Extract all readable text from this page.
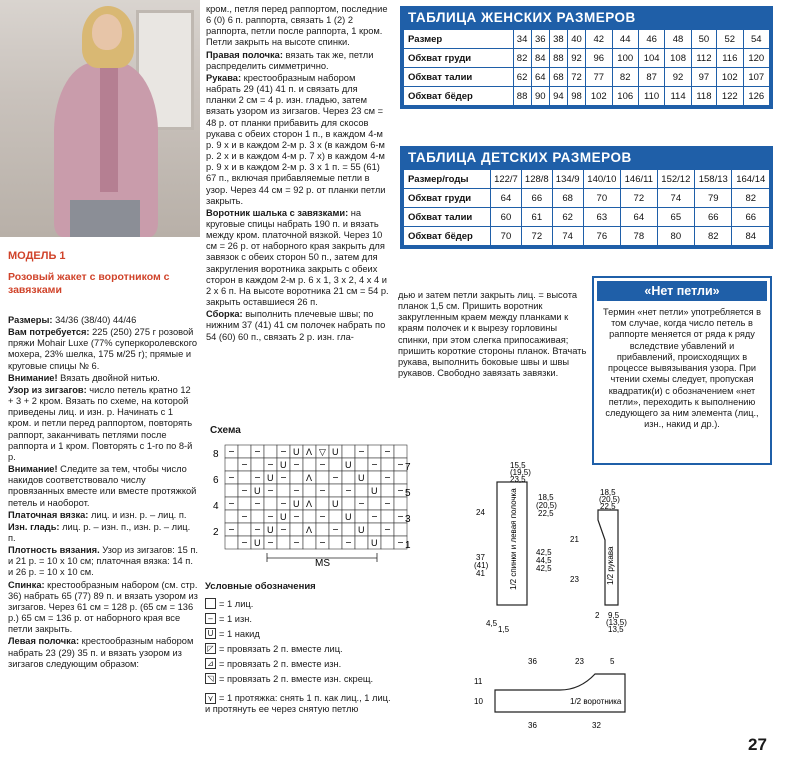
МОДЕЛЬ 1
Розовый жакет с воротником с завязками

Размеры: 34/36 (38/40) 44/46

Вам потребуется: 225 (250) 275 г розовой пряжи Mohair Luxe (77% суперкоролевского мохера, 23% шелка, 175 м/25 г); прямые и круговые спицы № 6.

Внимание! Вязать двойной нитью.

Узор из зигзагов: число петель кратно 12 + 3 + 2 кром. Вязать по схеме, на которой приведены лиц. и изн. р. Начинать с 1 кром. и петли перед раппортом, повторять раппорт, заканчивать петлями после раппорта и 1 кром. Повторять с 1-го по 8-й р.

Внимание! Следите за тем, чтобы число накидов соответствовало числу провязанных вместе или вместе протяжкой петель и наоборот.

Платочная вязка: лиц. и изн. р. – лиц. п.

Изн. гладь: лиц. р. – изн. п., изн. р. – лиц. п.

Плотность вязания. Узор из зигзагов: 15 п. и 21 р. = 10 х 10 см; платочная вязка: 14 п. и 26 р. = 10 х 10 см.

Спинка: крестообразным набором (см. стр. 36) набрать 65 (77) 89 п. и вязать узором из зигзагов. Через 61 см = 128 р. (65 см = 136 р.) 65 см = 136 р. от наборного края все петли закрыть.

Левая полочка: крестообразным набором набрать 23 (29) 35 п. и вязать узором из зигзагов следующим образом:

кром., петля перед раппортом, последние 6 (0) 6 п. раппорта, связать 1 (2) 2 раппорта, петли после раппорта, 1 кром. Петли закрыть на высоте спинки.

Правая полочка: вязать так же, петли распределить симметрично.

Рукава: крестообразным набором набрать 29 (41) 41 п. и связать для планки 2 см = 4 р. изн. гладью, затем вязать узором из зигзагов. Через 23 см = 48 р. от планки прибавить для скосов рукава с обеих сторон 1 п., в каждом 4-м р. 9 х и в каждом 2-м р. 3 х (в каждом 6-м р. 2 х и в каждом 4-м р. 7 х) в каждом 4-м р. 9 х и в каждом 2-м р. 3 х 1 п. = 55 (61) 67 п., включая прибавляемые петли в узор. Через 44 см = 92 р. от планки петли закрыть.

Воротник шалька с завязками: на круговые спицы набрать 190 п. и вязать между кром. платочной вязкой. Через 10 см = 26 р. от наборного края закрыть для завязок с обеих сторон 50 п., затем для закругления воротника закрыть с обеих сторон в каждом 2-м р. 6 х 1, 3 х 2, 4 х 4 и 2 х 6 п. На высоте воротника 21 см = 54 р. закрыть оставшиеся 26 п.

Сборка: выполнить плечевые швы; по нижним 37 (41) 41 см полочек набрать по 54 (60) 60 п., связать 2 р. изн. гла-

дью и затем петли закрыть лиц. = высота планок 1,5 см. Пришить воротник закругленным краем между планками к краям полочек и к вырезу горловины спинки, при этом слегка припосаживая; пришить короткие стороны планок. Втачать рукава, выполнить боковые швы и швы рукавов. Свободно завязать завязки.

ТАБЛИЦА ЖЕНСКИХ РАЗМЕРОВ
Размер	34	36	38	40	42	44	46	48	50	52	54
Обхват груди	82	84	88	92	96	100	104	108	112	116	120
Обхват талии	62	64	68	72	77	82	87	92	97	102	107
Обхват бёдер	88	90	94	98	102	106	110	114	118	122	126
ТАБЛИЦА ДЕТСКИХ РАЗМЕРОВ
Размер/годы	122/7	128/8	134/9	140/10	146/11	152/12	158/13	164/14
Обхват груди	64	66	68	70	72	74	79	82
Обхват талии	60	61	62	63	64	65	66	66
Обхват бёдер	70	72	74	76	78	80	82	84
«Нет петли»
Термин «нет петли» употребляется в том случае, когда число петель в раппорте меняется от ряда к ряду вследствие убавлений и прибавлений, происходящих в процессе вывязывания узора. При чтении схемы следует, пропуская квадратик(и) с обозначением «нет петли», переходить к выполнению следующего за ним элемента (лиц., изн., накид и др.).
Схема
U ▽ U
U	U
U	U
U	U
U	U
U	U
U	U
U	U
Λ
Λ
Λ
Λ
8
6
4
2
7
5
3
1
MS
Условные обозначения
= 1 лиц.
– = 1 изн.
U = 1 накид
◸ = провязать 2 п. вместе лиц.
⊿ = провязать 2 п. вместе изн.
◹ = провязать 2 п. вместе изн. скрещ.
⋎ = 1 протяжка: снять 1 п. как лиц., 1 лиц. и протянуть ее через снятую петлю
15,5
(19,5)
23,5
24
18,5
(20,5)
22,5
37
(41)
41
42,5
44,5
42,5
4,5
1,5
1/2 спинки и левая полочка	18,5
(20,5)
22,5
21
23
2 9,5
(13,5)
13,5
1/2 рукава
36	23	5
11
10
36	32
1/2 воротника
27
